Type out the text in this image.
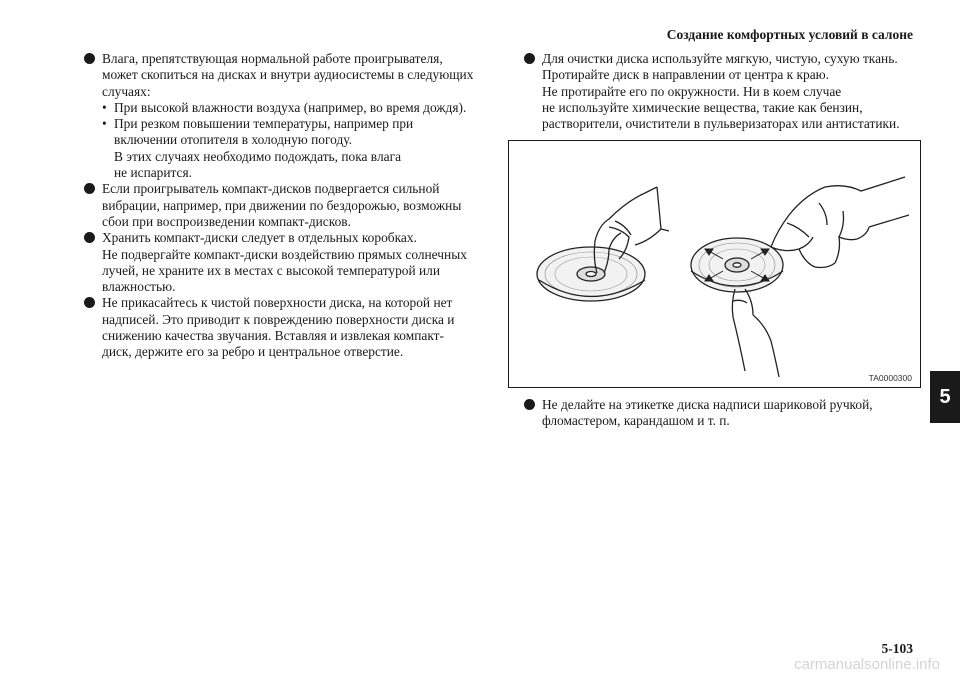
Создание комфортных условий в салоне
Влага, препятствующая нормальной работе проигрывателя,
может скопиться на дисках и внутри аудиосистемы в следующих
случаях:
• При высокой влажности воздуха (например, во время дождя).
• При резком повышении температуры, например при
включении отопителя в холодную погоду.
В этих случаях необходимо подождать, пока влага
не испарится.
Если проигрыватель компакт-дисков подвергается сильной
вибрации, например, при движении по бездорожью, возможны
сбои при воспроизведении компакт-дисков.
Хранить компакт-диски следует в отдельных коробках.
Не подвергайте компакт-диски воздействию прямых солнечных
лучей, не храните их в местах с высокой температурой или
влажностью.
Не прикасайтесь к чистой поверхности диска, на которой нет
надписей. Это приводит к повреждению поверхности диска и
снижению качества звучания. Вставляя и извлекая компакт-
диск, держите его за ребро и центральное отверстие.
Для очистки диска используйте мягкую, чистую, сухую ткань.
Протирайте диск в направлении от центра к краю.
Не протирайте его по окружности. Ни в коем случае
не используйте химические вещества, такие как бензин,
растворители, очистители в пульверизаторах или антистатики.
TA0000300
Не делайте на этикетке диска надписи шариковой ручкой,
фломастером, карандашом и т. п.
5
5-103
carmanualsonline.info
